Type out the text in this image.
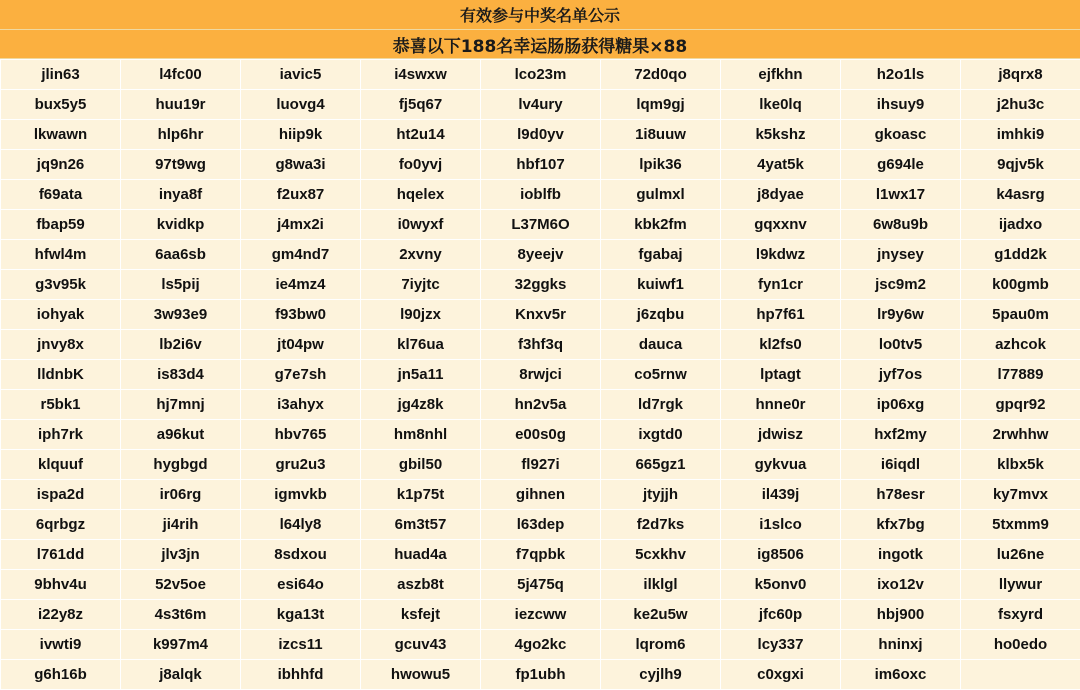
有效参与中奖名单公示
恭喜以下188名幸运肠肠获得糖果×88
jlin63	l4fc00	iavic5	i4swxw	lco23m	72d0qo	ejfkhn	h2o1ls	j8qrx8
bux5y5	huu19r	luovg4	fj5q67	lv4ury	lqm9gj	lke0lq	ihsuy9	j2hu3c
lkwawn	hlp6hr	hiip9k	ht2u14	l9d0yv	1i8uuw	k5kshz	gkoasc	imhki9
jq9n26	97t9wg	g8wa3i	fo0yvj	hbf107	lpik36	4yat5k	g694le	9qjv5k
f69ata	inya8f	f2ux87	hqelex	ioblfb	gulmxl	j8dyae	l1wx17	k4asrg
fbap59	kvidkp	j4mx2i	i0wyxf	L37M6O	kbk2fm	gqxxnv	6w8u9b	ijadxo
hfwl4m	6aa6sb	gm4nd7	2xvny	8yeejv	fgabaj	l9kdwz	jnysey	g1dd2k
g3v95k	ls5pij	ie4mz4	7iyjtc	32ggks	kuiwf1	fyn1cr	jsc9m2	k00gmb
iohyak	3w93e9	f93bw0	l90jzx	Knxv5r	j6zqbu	hp7f61	lr9y6w	5pau0m
jnvy8x	lb2i6v	jt04pw	kl76ua	f3hf3q	dauca	kl2fs0	lo0tv5	azhcok
lldnbK	is83d4	g7e7sh	jn5a11	8rwjci	co5rnw	lptagt	jyf7os	l77889
r5bk1	hj7mnj	i3ahyx	jg4z8k	hn2v5a	ld7rgk	hnne0r	ip06xg	gpqr92
iph7rk	a96kut	hbv765	hm8nhl	e00s0g	ixgtd0	jdwisz	hxf2my	2rwhhw
klquuf	hygbgd	gru2u3	gbil50	fl927i	665gz1	gykvua	i6iqdl	klbx5k
ispa2d	ir06rg	igmvkb	k1p75t	gihnen	jtyjjh	il439j	h78esr	ky7mvx
6qrbgz	ji4rih	l64ly8	6m3t57	l63dep	f2d7ks	i1slco	kfx7bg	5txmm9
l761dd	jlv3jn	8sdxou	huad4a	f7qpbk	5cxkhv	ig8506	ingotk	lu26ne
9bhv4u	52v5oe	esi64o	aszb8t	5j475q	ilklgl	k5onv0	ixo12v	llywur
i22y8z	4s3t6m	kga13t	ksfejt	iezcww	ke2u5w	jfc60p	hbj900	fsxyrd
ivwti9	k997m4	izcs11	gcuv43	4go2kc	lqrom6	lcy337	hninxj	ho0edo
g6h16b	j8alqk	ibhhfd	hwowu5	fp1ubh	cyjlh9	c0xgxi	im6oxc	
